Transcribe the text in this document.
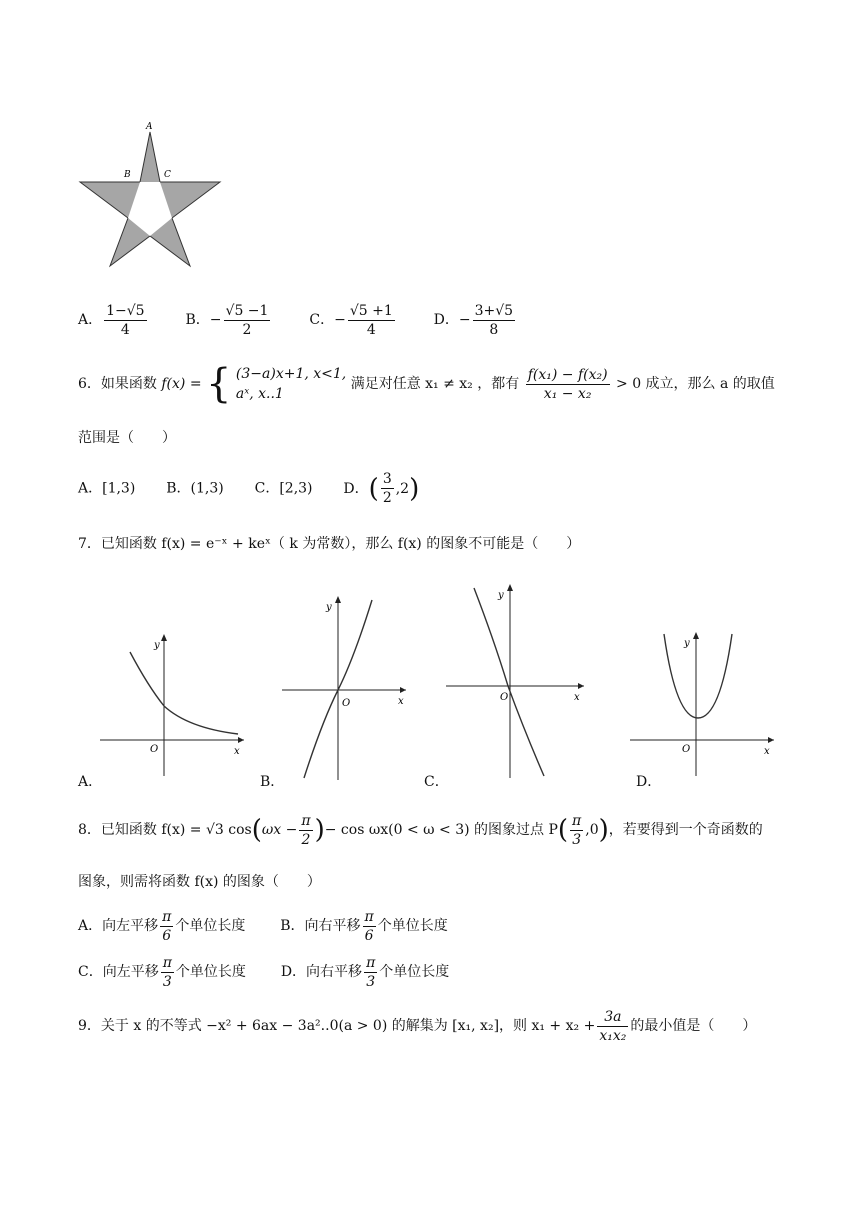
A
B	C
A． $\frac{1-√5}{4}$	B．− $\frac{√5 -1}{2}$	C．− $\frac{√5 +1}{4}$	D．− $\frac{3+√5}{8}$
6．如果函数 f(x) = { (3−a)x+1, x<1,
aˣ, x..1
满足对任意 x₁ ≠ x₂ ，都有 $\frac{\text{f(x₁) − f(x₂)}}{\text{x₁ − x₂}} > 0$ 成立，那么 a 的取值
范围是（　　）
A．[1,3) B．(1,3) C．[2,3) D．( $\frac{3}{2} ,2$)
7．已知函数 f(x) = e⁻ˣ + keˣ（ k 为常数），那么 f(x) 的图象不可能是（　　）
y
x
O
A．
y
x
O
B．
y
x
O
C．
y
x
O
D．
8．已知函数 f(x) = √3 $\cos(\omega x - \frac{\pi}{2}$ )− cos ωx(0 < ω < 3) 的图象过点 $P( \frac{\pi}{3} ,0)$，若要得到一个奇函数的
图象，则需将函数 f(x) 的图象（　　）
A．向左平移 $\frac{\pi}{6}$ 个单位长度 B．向右平移 $\frac{\pi}{6}$ 个单位长度
C．向左平移 $\frac{\pi}{3}$ 个单位长度 D．向右平移 $\frac{\pi}{3}$ 个单位长度
9．关于 x 的不等式 −x² + 6ax − 3a²..0(a > 0) 的解集为 [x₁, x₂]，则 $x_1 + x_2 + \frac{3a}{\text{x₁x₂}}$ 的最小值是（　　）
